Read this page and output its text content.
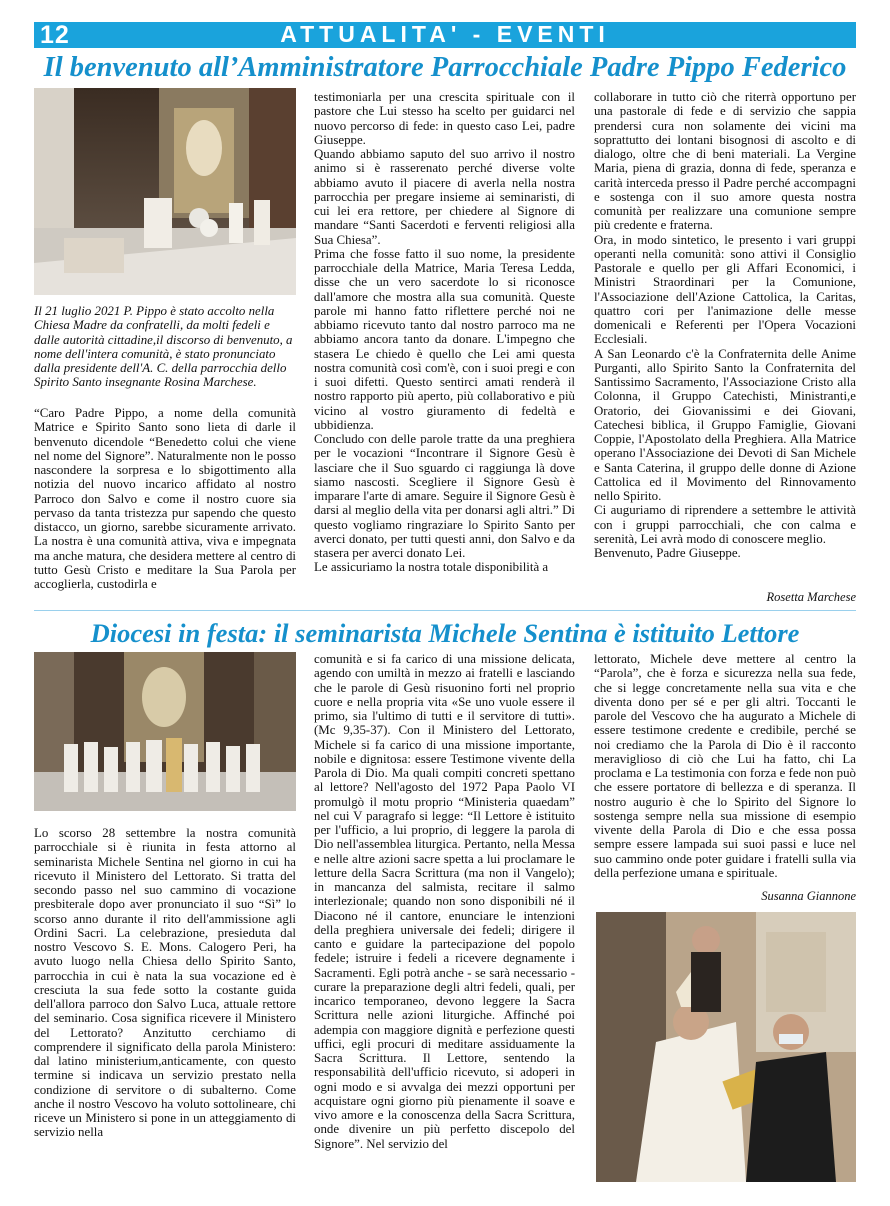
12	ATTUALITA' - EVENTI
Il benvenuto all’Amministratore Parrocchiale Padre Pippo Federico
Il 21 luglio 2021 P. Pippo è stato accolto nella Chiesa Madre da confratelli, da molti fedeli e dalle autorità cittadine,il discorso di benvenuto, a nome dell'intera comunità, è stato pronunciato dalla presidente dell'A. C. della parrocchia dello Spirito Santo insegnante Rosina Marchese.

“Caro Padre Pippo, a nome della comunità Matrice e Spirito Santo sono lieta di darle il benvenuto dicendole “Benedetto colui che viene nel nome del Signore”. Naturalmente non le posso nascondere la sorpresa e lo sbigottimento alla notizia del nuovo incarico affidato al nostro Parroco don Salvo e come il nostro cuore sia pervaso da tanta tristezza pur sapendo che questo distacco, un giorno, sarebbe sicuramente arrivato. La nostra è una comunità attiva, viva e impegnata ma anche matura, che desidera mettere al centro di tutto Gesù Cristo e meditare la Sua Parola per accoglierla, custodirla e

testimoniarla per una crescita spirituale con il pastore che Lui stesso ha scelto per guidarci nel nuovo percorso di fede: in questo caso Lei, padre Giuseppe.

Quando abbiamo saputo del suo arrivo il nostro animo si è rasserenato perché diverse volte abbiamo avuto il piacere di averla nella nostra parrocchia per pregare insieme ai seminaristi, di cui lei era rettore, per chiedere al Signore di mandare “Santi Sacerdoti e ferventi religiosi alla Sua Chiesa”.

Prima che fosse fatto il suo nome, la presidente parrocchiale della Matrice, Maria Teresa Ledda, disse che un vero sacerdote lo si riconosce dall'amore che mostra alla sua comunità. Queste parole mi hanno fatto riflettere perché noi ne abbiamo ricevuto tanto dal nostro parroco ma ne abbiamo ancora tanto da donare. L'impegno che stasera Le chiedo è quello che Lei ami questa nostra comunità così com'è, con i suoi pregi e con i suoi difetti. Questo sentirci amati renderà il nostro rapporto più aperto, più collaborativo e più vicino al vostro giuramento di fedeltà e ubbidienza.

Concludo con delle parole tratte da una preghiera per le vocazioni “Incontrare il Signore Gesù è lasciare che il Suo sguardo ci raggiunga là dove siamo nascosti. Scegliere il Signore Gesù è imparare l'arte di amare. Seguire il Signore Gesù è darsi al meglio della vita per donarsi agli altri.” Di questo vogliamo ringraziare lo Spirito Santo per averci donato, per tutti questi anni, don Salvo e da stasera per averci donato Lei.

Le assicuriamo la nostra totale disponibilità a

collaborare in tutto ciò che riterrà opportuno per una pastorale di fede e di servizio che sappia prendersi cura non solamente dei vicini ma soprattutto dei lontani bisognosi di ascolto e di dialogo, oltre che di beni materiali. La Vergine Maria, piena di grazia, donna di fede, speranza e carità interceda presso il Padre perché accompagni e sostenga con il suo amore questa nostra comunità per realizzare una comunione sempre più credente e fraterna.

Ora, in modo sintetico, le presento i vari gruppi operanti nella comunità: sono attivi il Consiglio Pastorale e quello per gli Affari Economici, i Ministri Straordinari per la Comunione, l'Associazione dell'Azione Cattolica, la Caritas, quattro cori per l'animazione delle messe domenicali e Referenti per l'Opera Vocazioni Ecclesiali.

A San Leonardo c'è la Confraternita delle Anime Purganti, allo Spirito Santo la Confraternita del Santissimo Sacramento, l'Associazione Cristo alla Colonna, il Gruppo Catechisti, Ministranti,e Oratorio, dei Giovanissimi e dei Giovani, Catechesi biblica, il Gruppo Famiglie, Giovani Coppie, l'Apostolato della Preghiera. Alla Matrice operano l'Associazione dei Devoti di San Michele e Santa Caterina, il gruppo delle donne di Azione Cattolica ed il Movimento del Rinnovamento nello Spirito.

Ci auguriamo di riprendere a settembre le attività con i gruppi parrocchiali, che con calma e serenità, Lei avrà modo di conoscere meglio.

Benvenuto, Padre Giuseppe.

Rosetta Marchese
Diocesi in festa: il seminarista Michele Sentina è istituito Lettore

Lo scorso 28 settembre la nostra comunità parrocchiale si è riunita in festa attorno al seminarista Michele Sentina nel giorno in cui ha ricevuto il Ministero del Lettorato. Si tratta del secondo passo nel suo cammino di vocazione presbiterale dopo aver pronunciato il suo “Sì” lo scorso anno durante il rito dell'ammissione agli Ordini Sacri. La celebrazione, presieduta dal nostro Vescovo S. E. Mons. Calogero Peri, ha avuto luogo nella Chiesa dello Spirito Santo, parrocchia in cui è nata la sua vocazione ed è cresciuta la sua fede sotto la costante guida dell'allora parroco don Salvo Luca, attuale rettore del seminario. Cosa significa ricevere il Ministero del Lettorato? Anzitutto cerchiamo di comprendere il significato della parola Ministero: dal latino ministerium,anticamente, con questo termine si indicava un servizio prestato nella condizione di servitore o di subalterno. Come anche il nostro Vescovo ha voluto sottolineare, chi riceve un Ministero si pone in un atteggiamento di servizio nella

comunità e si fa carico di una missione delicata, agendo con umiltà in mezzo ai fratelli e lasciando che le parole di Gesù risuonino forti nel proprio cuore e nella propria vita «Se uno vuole essere il primo, sia l'ultimo di tutti e il servitore di tutti». (Mc 9,35-37). Con il Ministero del Lettorato, Michele si fa carico di una missione importante, nobile e dignitosa: essere Testimone vivente della Parola di Dio. Ma quali compiti concreti spettano al lettore? Nell'agosto del 1972 Papa Paolo VI promulgò il motu proprio “Ministeria quaedam” nel cui V paragrafo si legge: “Il Lettore è istituito per l'ufficio, a lui proprio, di leggere la parola di Dio nell'assemblea liturgica. Pertanto, nella Messa e nelle altre azioni sacre spetta a lui proclamare le letture della Sacra Scrittura (ma non il Vangelo); in mancanza del salmista, recitare il salmo interlezionale; quando non sono disponibili né il Diacono né il cantore, enunciare le intenzioni della preghiera universale dei fedeli; dirigere il canto e guidare la partecipazione del popolo fedele; istruire i fedeli a ricevere degnamente i Sacramenti. Egli potrà anche - se sarà necessario - curare la preparazione degli altri fedeli, quali, per incarico temporaneo, devono leggere la Sacra Scrittura nelle azioni liturgiche. Affinché poi adempia con maggiore dignità e perfezione questi uffici, egli procuri di meditare assiduamente la Sacra Scrittura. Il Lettore, sentendo la responsabilità dell'ufficio ricevuto, si adoperi in ogni modo e si avvalga dei mezzi opportuni per acquistare ogni giorno più pienamente il soave e vivo amore e la conoscenza della Sacra Scrittura, onde divenire un più perfetto discepolo del Signore”. Nel servizio del

lettorato, Michele deve mettere al centro la “Parola”, che è forza e sicurezza nella sua fede, che si legge concretamente nella sua vita e che diventa dono per sé e per gli altri. Toccanti le parole del Vescovo che ha augurato a Michele di essere testimone credente e credibile, perché se noi crediamo che la Parola di Dio è il racconto meraviglioso di ciò che Lui ha fatto, chi La proclama e La testimonia con forza e fede non può che essere portatore di bellezza e di speranza. Il nostro augurio è che lo Spirito del Signore lo sostenga sempre nella sua missione di esempio vivente della Parola di Dio e che essa possa sempre essere lampada sui suoi passi e luce nel suo cammino onde poter guidare i fratelli sulla via della perfezione umana e spirituale.

Susanna Giannone
